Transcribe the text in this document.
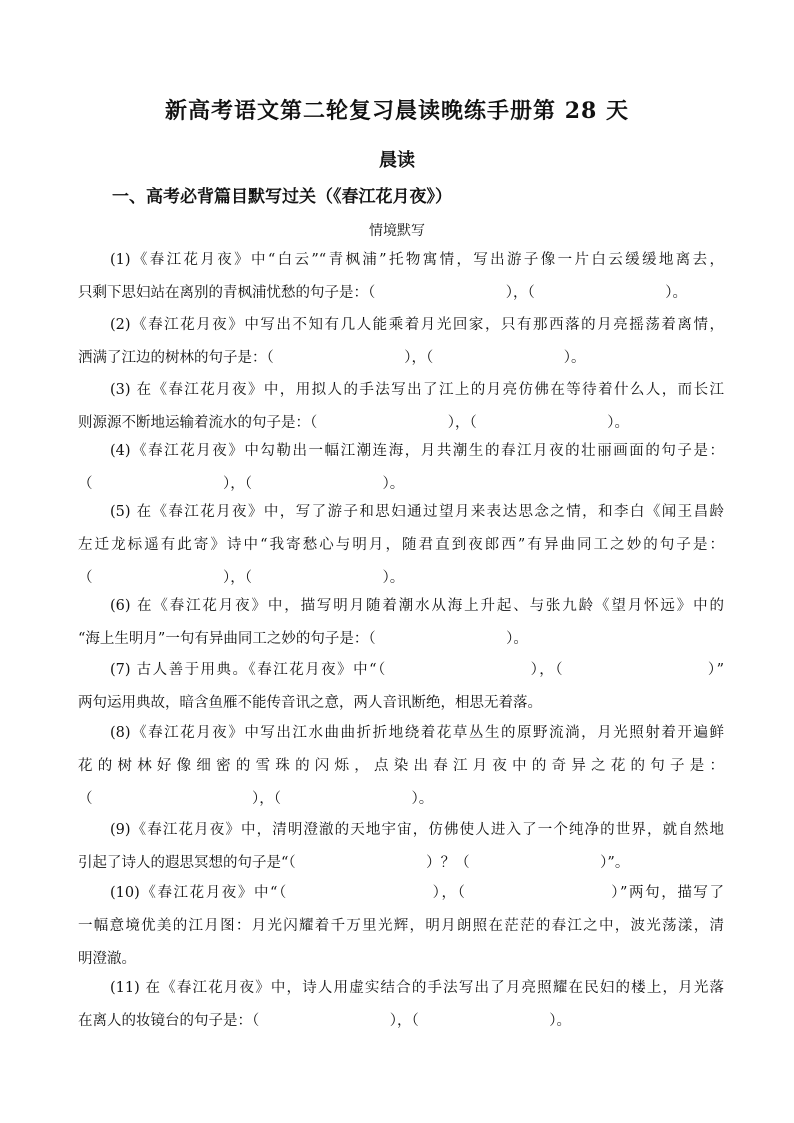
新高考语文第二轮复习晨读晚练手册第 28 天
晨读
一、高考必背篇目默写过关（《春江花月夜》）
情境默写
(1)《春江花月夜》中“白云”“青枫浦”托物寓情，写出游子像一片白云缓缓地离去，
只剩下思妇站在离别的青枫浦忧愁的句子是：（　　　　　　　　　），（　　　　　　　　　）。
(2)《春江花月夜》中写出不知有几人能乘着月光回家，只有那西落的月亮摇荡着离情，
洒满了江边的树林的句子是：（　　　　　　　　　），（　　　　　　　　　）。
(3) 在《春江花月夜》中，用拟人的手法写出了江上的月亮仿佛在等待着什么人，而长江
则源源不断地运输着流水的句子是：（　　　　　　　　　），（　　　　　　　　　）。
(4)《春江花月夜》中勾勒出一幅江潮连海，月共潮生的春江月夜的壮丽画面的句子是：
（　　　　　　　　　），（　　　　　　　　　）。
(5) 在《春江花月夜》中，写了游子和思妇通过望月来表达思念之情，和李白《闻王昌龄
左迁龙标遥有此寄》诗中“我寄愁心与明月，随君直到夜郎西”有异曲同工之妙的句子是：
（　　　　　　　　　），（　　　　　　　　　）。
(6) 在《春江花月夜》中，描写明月随着潮水从海上升起、与张九龄《望月怀远》中的
“海上生明月”一句有异曲同工之妙的句子是：（　　　　　　　　　）。
(7) 古人善于用典。《春江花月夜》中“（　　　　　　　　　），（　　　　　　　　　）”
两句运用典故，暗含鱼雁不能传音讯之意，两人音讯断绝，相思无着落。
(8)《春江花月夜》中写出江水曲曲折折地绕着花草丛生的原野流淌，月光照射着开遍鲜
花的树林好像细密的雪珠的闪烁，点染出春江月夜中的奇异之花的句子是：
（　　　　　　　　　　　），（　　　　　　　　　）。
(9)《春江花月夜》中，清明澄澈的天地宇宙，仿佛使人进入了一个纯净的世界，就自然地
引起了诗人的遐思冥想的句子是“（　　　　　　　　　）？（　　　　　　　　　）”。
(10)《春江花月夜》中“（　　　　　　　　　），（　　　　　　　　　）”两句，描写了
一幅意境优美的江月图：月光闪耀着千万里光辉，明月朗照在茫茫的春江之中，波光荡漾，清
明澄澈。
(11) 在《春江花月夜》中，诗人用虚实结合的手法写出了月亮照耀在民妇的楼上，月光落
在离人的妆镜台的句子是：（　　　　　　　　　），（　　　　　　　　　）。
